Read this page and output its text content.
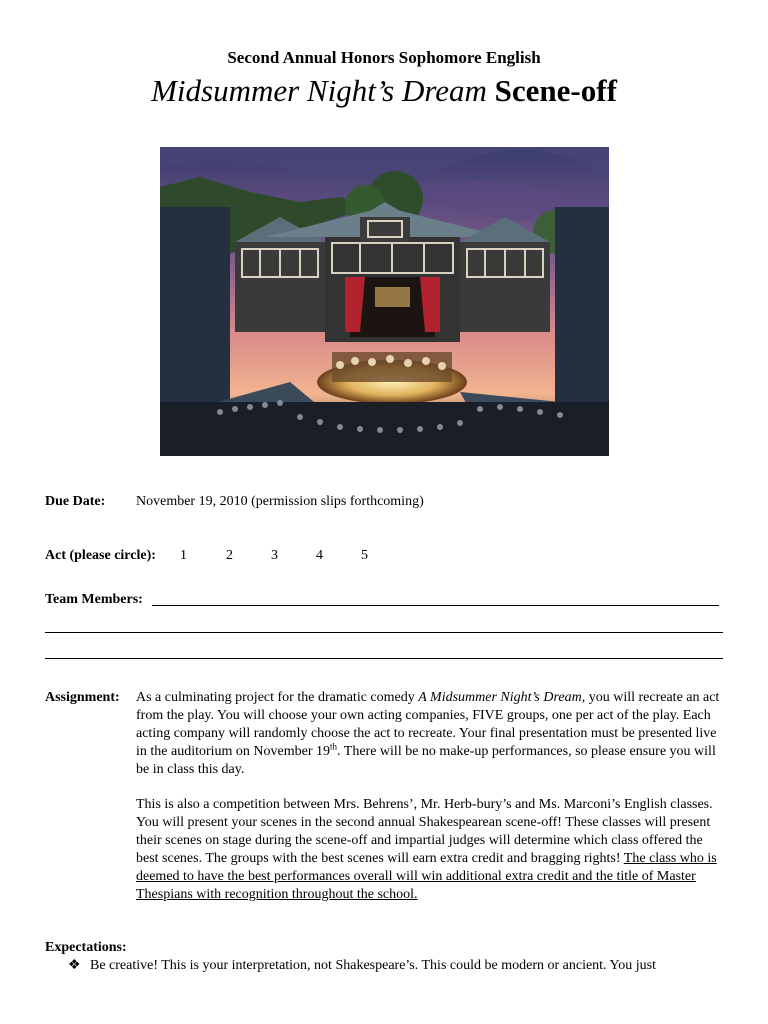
Second Annual Honors Sophomore English
Midsummer Night’s Dream Scene-off
Due Date: November 19, 2010 (permission slips forthcoming)
Act (please circle): 1	2	3	4	5
Team Members:
Assignment: As a culminating project for the dramatic comedy A Midsummer Night’s Dream, you will recreate an act from the play. You will choose your own acting companies, FIVE groups, one per act of the play. Each acting company will randomly choose the act to recreate. Your final presentation must be presented live in the auditorium on November 19th. There will be no make-up performances, so please ensure you will be in class this day.
This is also a competition between Mrs. Behrens’, Mr. Herb-bury’s and Ms. Marconi’s English classes. You will present your scenes in the second annual Shakespearean scene-off! These classes will present their scenes on stage during the scene-off and impartial judges will determine which class offered the best scenes. The groups with the best scenes will earn extra credit and bragging rights! The class who is deemed to have the best performances overall will win additional extra credit and the title of Master Thespians with recognition throughout the school.
Expectations:
❖ Be creative! This is your interpretation, not Shakespeare’s. This could be modern or ancient. You just
